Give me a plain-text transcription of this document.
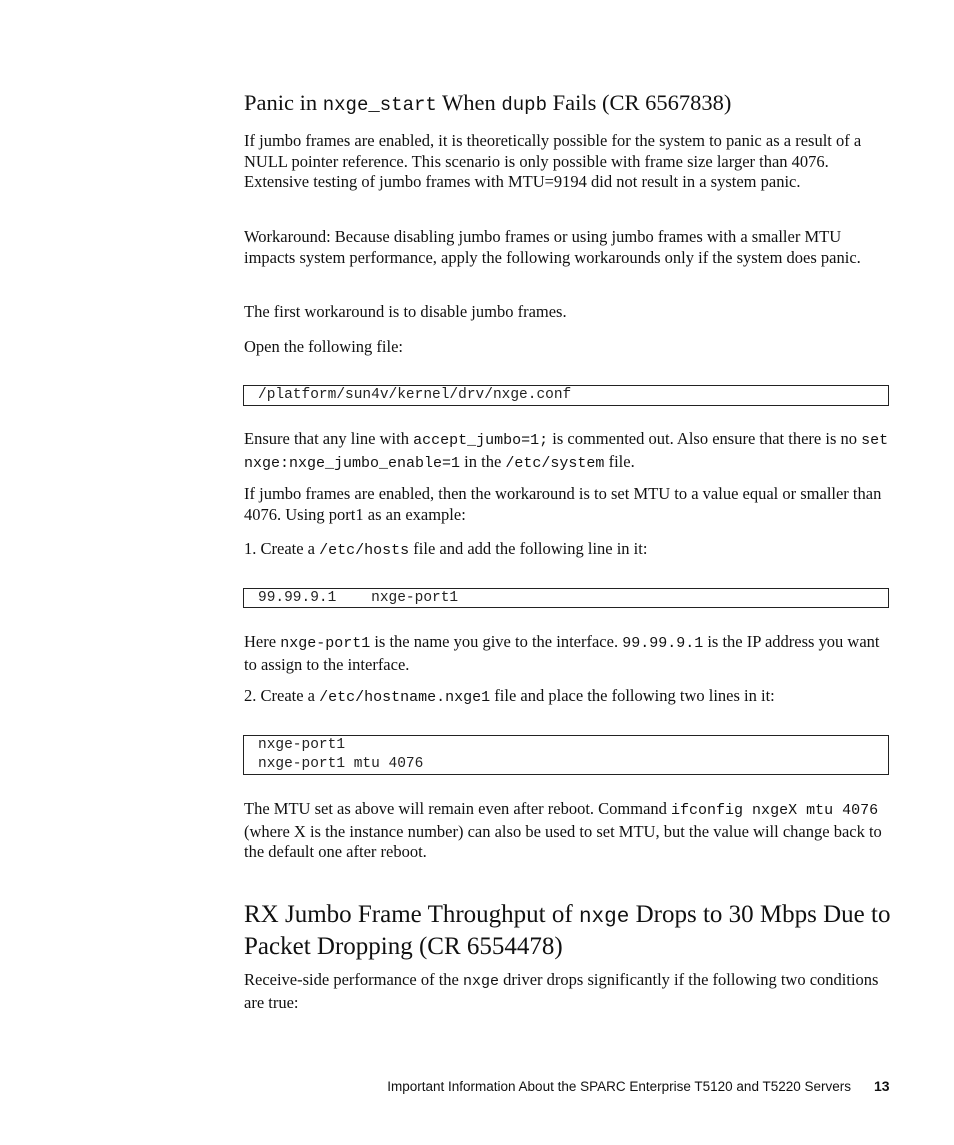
Panic in nxge_start When dupb Fails (CR 6567838)

If jumbo frames are enabled, it is theoretically possible for the system to panic as a result of a NULL pointer reference. This scenario is only possible with frame size larger than 4076. Extensive testing of jumbo frames with MTU=9194 did not result in a system panic.

Workaround: Because disabling jumbo frames or using jumbo frames with a smaller MTU impacts system performance, apply the following workarounds only if the system does panic.

The first workaround is to disable jumbo frames.

Open the following file:

/platform/sun4v/kernel/drv/nxge.conf

Ensure that any line with accept_jumbo=1; is commented out. Also ensure that there is no set nxge:nxge_jumbo_enable=1 in the /etc/system file.

If jumbo frames are enabled, then the workaround is to set MTU to a value equal or smaller than 4076. Using port1 as an example:

1. Create a /etc/hosts file and add the following line in it:

99.99.9.1    nxge-port1

Here nxge-port1 is the name you give to the interface. 99.99.9.1 is the IP address you want to assign to the interface.

2. Create a /etc/hostname.nxge1 file and place the following two lines in it:

nxge-port1
nxge-port1 mtu 4076

The MTU set as above will remain even after reboot. Command ifconfig nxgeX mtu 4076 (where X is the instance number) can also be used to set MTU, but the value will change back to the default one after reboot.

RX Jumbo Frame Throughput of nxge Drops to 30 Mbps Due to Packet Dropping (CR 6554478)

Receive-side performance of the nxge driver drops significantly if the following two conditions are true:

Important Information About the SPARC Enterprise T5120 and T5220 Servers 13
